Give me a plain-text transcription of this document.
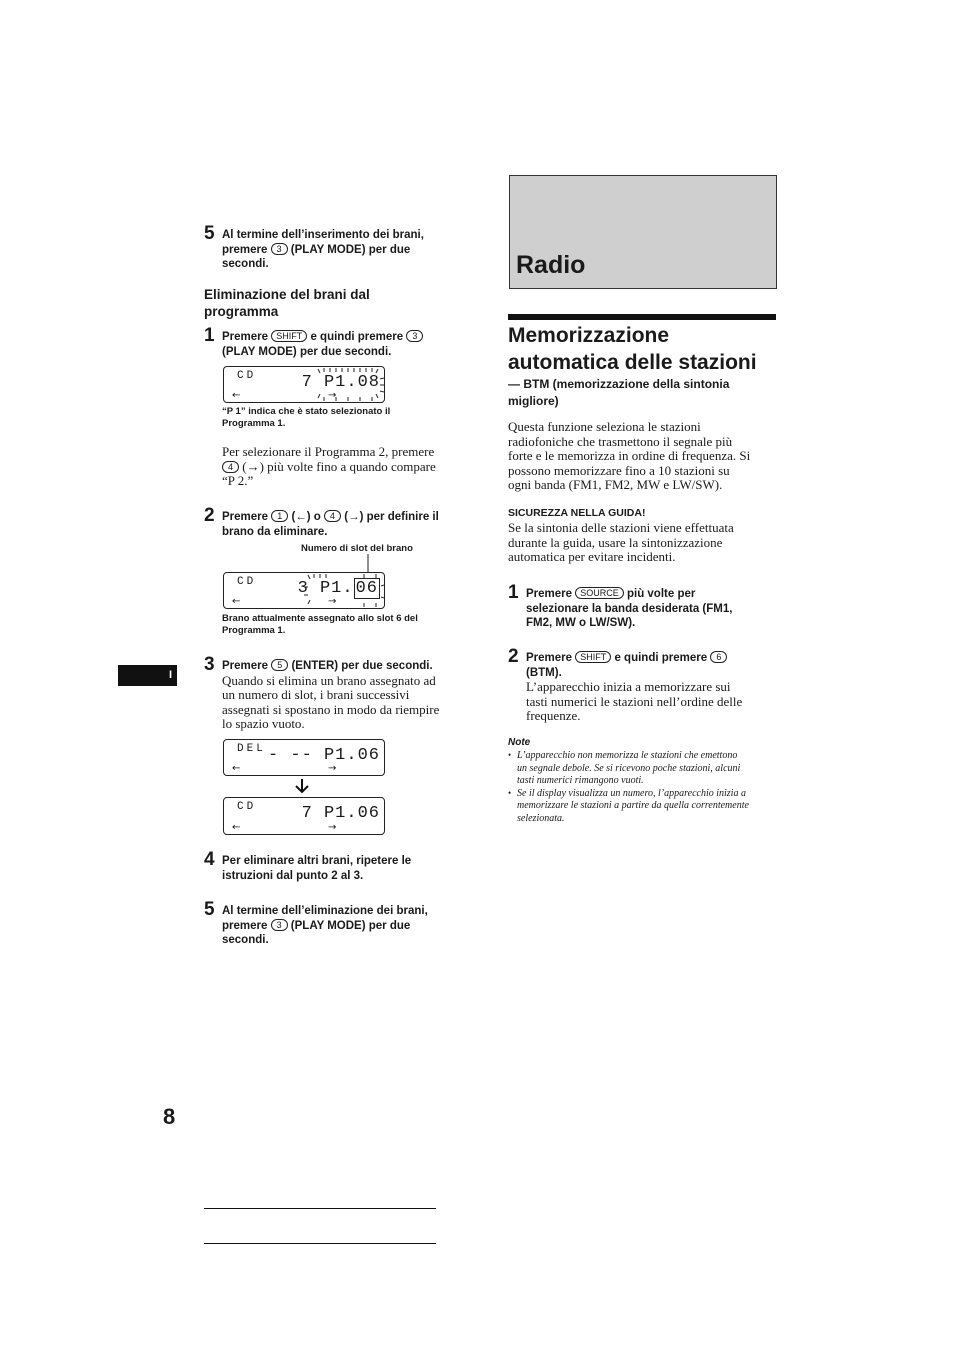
5 Al termine dell’inserimento dei brani,
premere 3 (PLAY MODE) per due
secondi.
Eliminazione del brani dal
programma
1 Premere SHIFT e quindi premere 3
(PLAY MODE) per due secondi.
CD	7 P1.08
←	→
“P 1” indica che è stato selezionato il
Programma 1.
Per selezionare il Programma 2, premere
4 (→) più volte fino a quando compare
“P 2.”
2 Premere 1 (←) o 4 (→) per definire il
brano da eliminare.
Numero di slot del brano
CD 3 P1. 06
←	→
Brano attualmente assegnato allo slot 6 del
Programma 1.
3 Premere 5 (ENTER) per due secondi.
Quando si elimina un brano assegnato ad
un numero di slot, i brani successivi
assegnati si spostano in modo da riempire
lo spazio vuoto.
DEL - -- P1.06
←	→
CD	7 P1.06
←	→
4 Per eliminare altri brani, ripetere le
istruzioni dal punto 2 al 3.
5 Al termine dell’eliminazione dei brani,
premere 3 (PLAY MODE) per due
secondi.
I
8
Radio
Memorizzazione
automatica delle stazioni
— BTM (memorizzazione della sintonia
migliore)
Questa funzione seleziona le stazioni
radiofoniche che trasmettono il segnale più
forte e le memorizza in ordine di frequenza. Si
possono memorizzare fino a 10 stazioni su
ogni banda (FM1, FM2, MW e LW/SW).
SICUREZZA NELLA GUIDA!
Se la sintonia delle stazioni viene effettuata
durante la guida, usare la sintonizzazione
automatica per evitare incidenti.
1 Premere SOURCE più volte per
selezionare la banda desiderata (FM1,
FM2, MW o LW/SW).
2 Premere SHIFT e quindi premere 6
(BTM).
L’apparecchio inizia a memorizzare sui
tasti numerici le stazioni nell’ordine delle
frequenze.
Note
• L’apparecchio non memorizza le stazioni che emettono
un segnale debole. Se si ricevono poche stazioni, alcuni
tasti numerici rimangono vuoti.
• Se il display visualizza un numero, l’apparecchio inizia a
memorizzare le stazioni a partire da quella correntemente
selezionata.
